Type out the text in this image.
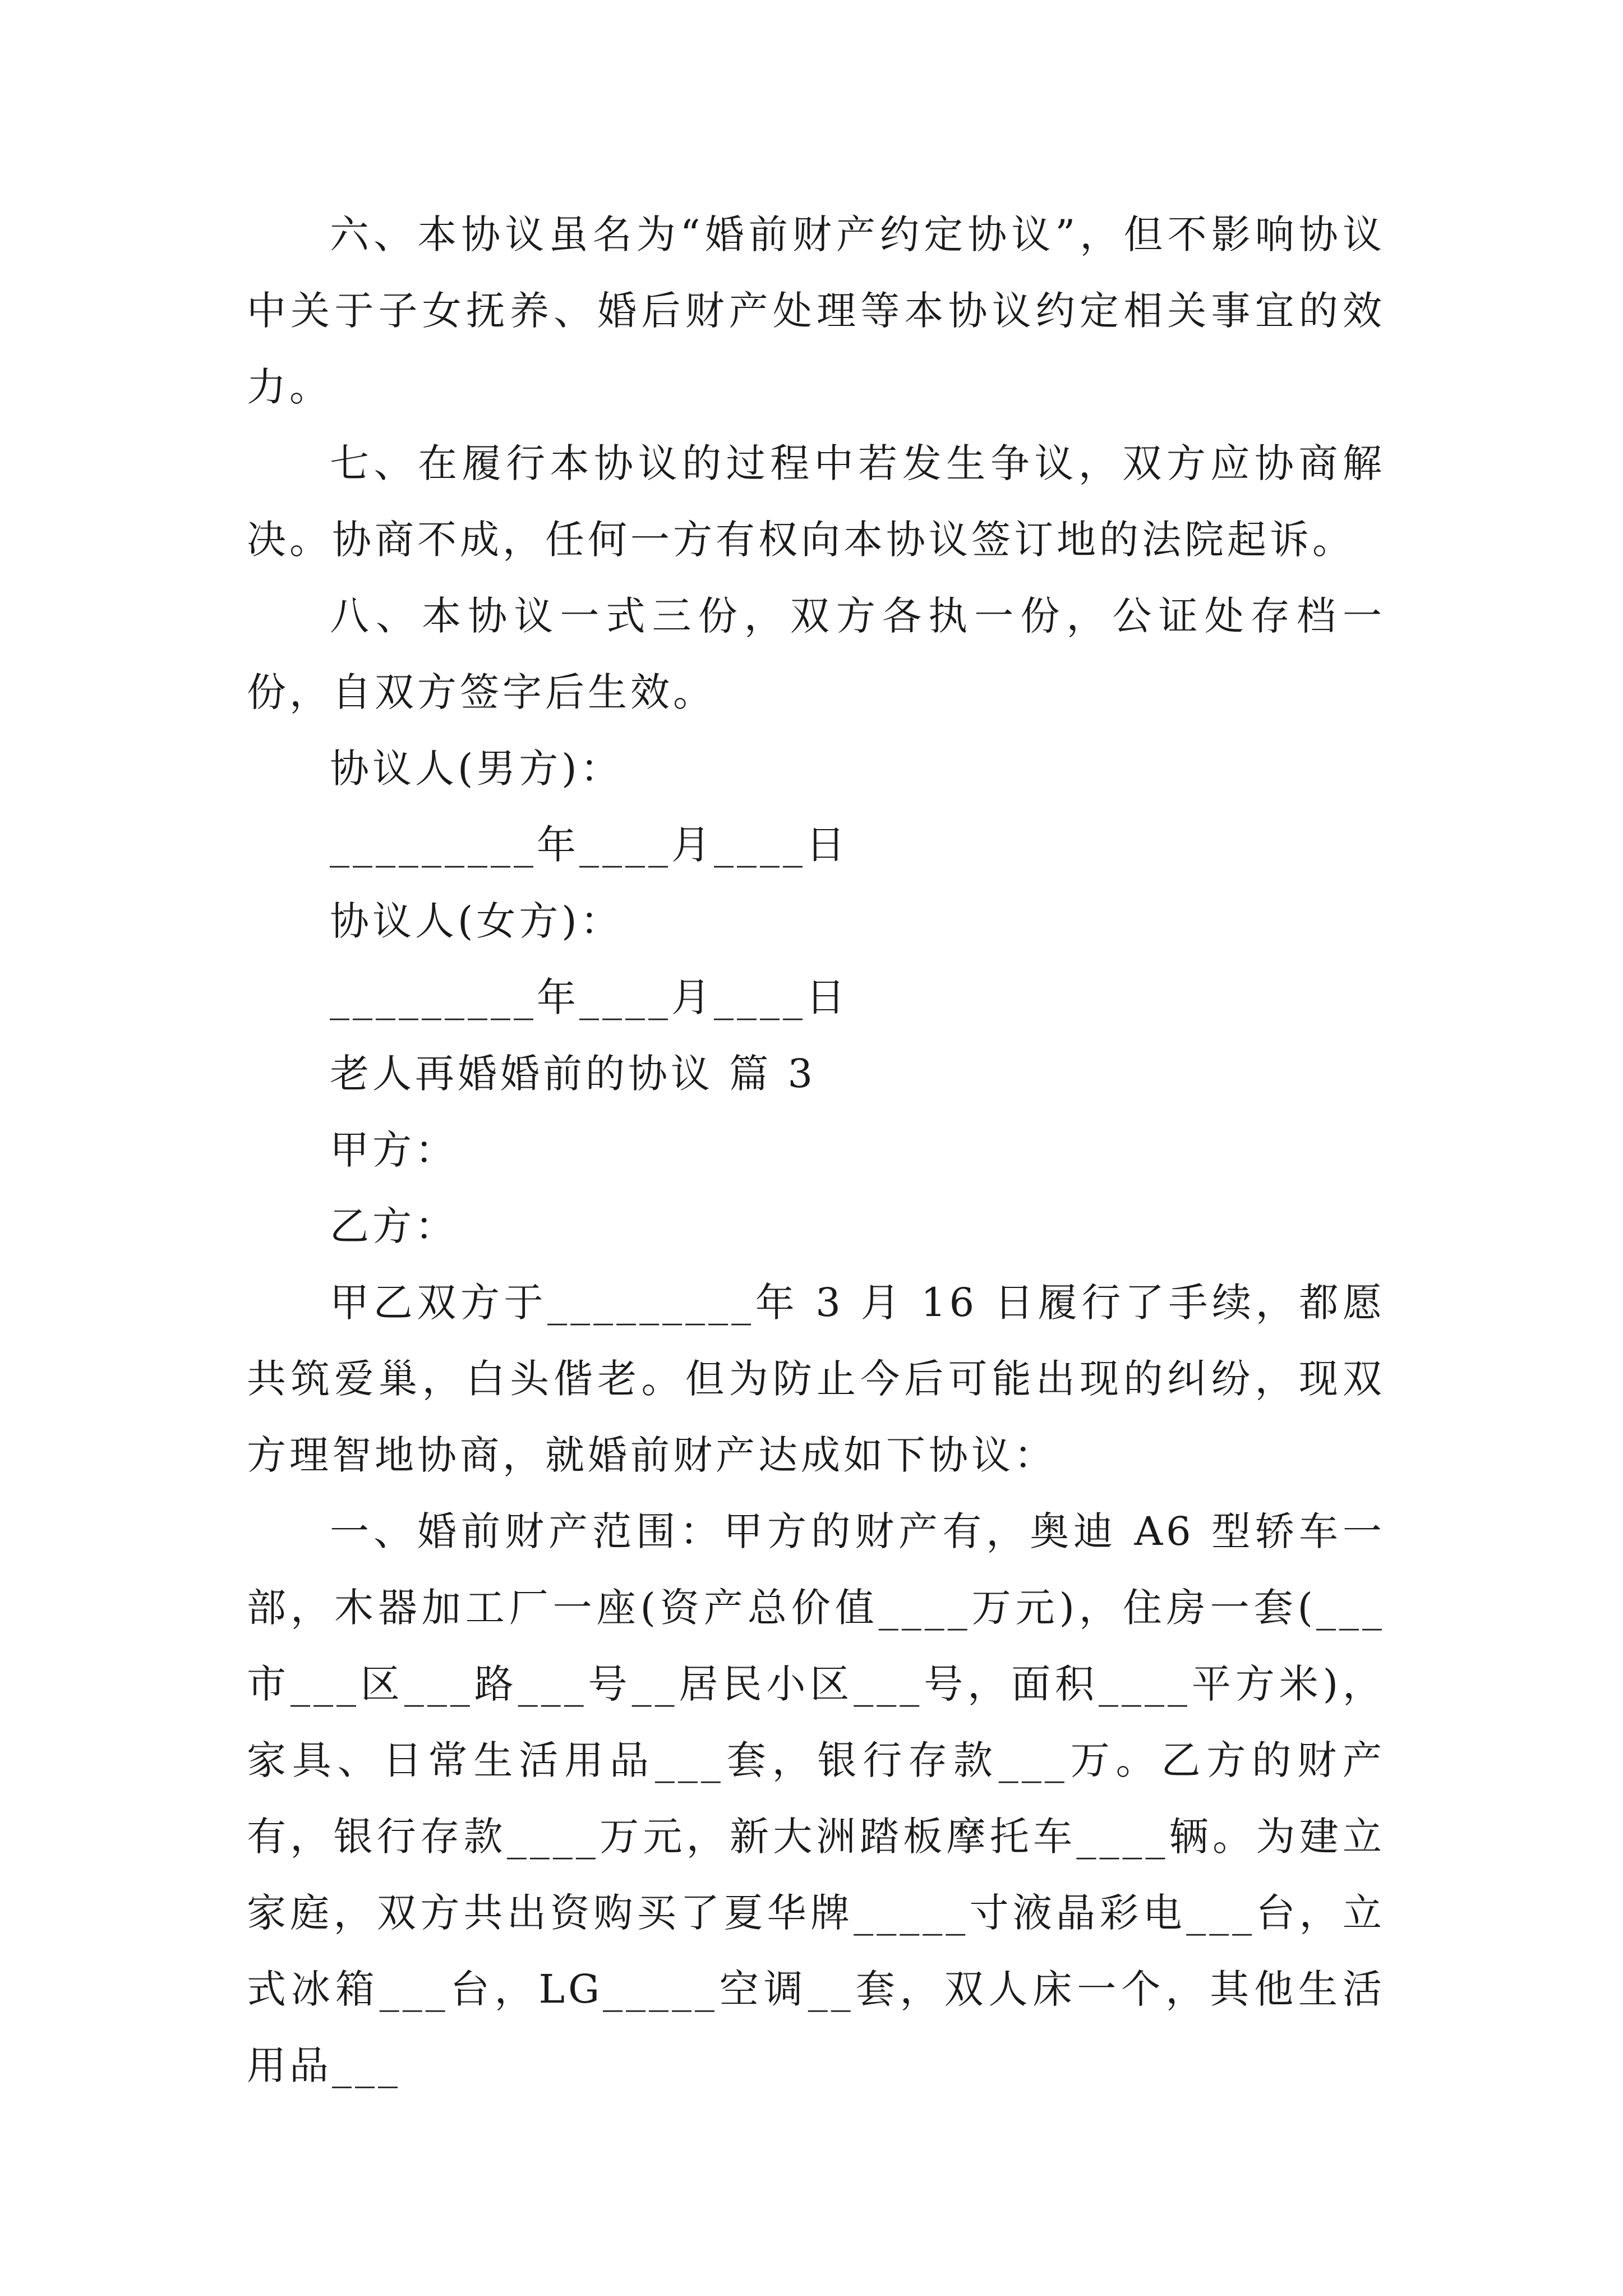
六、本协议虽名为“婚前财产约定协议”，但不影响协议中关于子女抚养、婚后财产处理等本协议约定相关事宜的效力。

七、在履行本协议的过程中若发生争议，双方应协商解决。协商不成，任何一方有权向本协议签订地的法院起诉。

八、本协议一式三份，双方各执一份，公证处存档一份，自双方签字后生效。

协议人(男方)：

_________年____月____日

协议人(女方)：

_________年____月____日

老人再婚婚前的协议 篇 3

甲方：

乙方：

甲乙双方于_________年 3 月 16 日履行了手续，都愿共筑爱巢，白头偕老。但为防止今后可能出现的纠纷，现双方理智地协商，就婚前财产达成如下协议：

一、婚前财产范围：甲方的财产有，奥迪 A6 型轿车一部，木器加工厂一座(资产总价值____万元)，住房一套(___市___区___路___号__居民小区___号，面积____平方米)，家具、日常生活用品___套，银行存款___万。乙方的财产有，银行存款____万元，新大洲踏板摩托车____辆。为建立家庭，双方共出资购买了夏华牌_____寸液晶彩电___台，立式冰箱___台，LG_____空调__套，双人床一个，其他生活用品___
